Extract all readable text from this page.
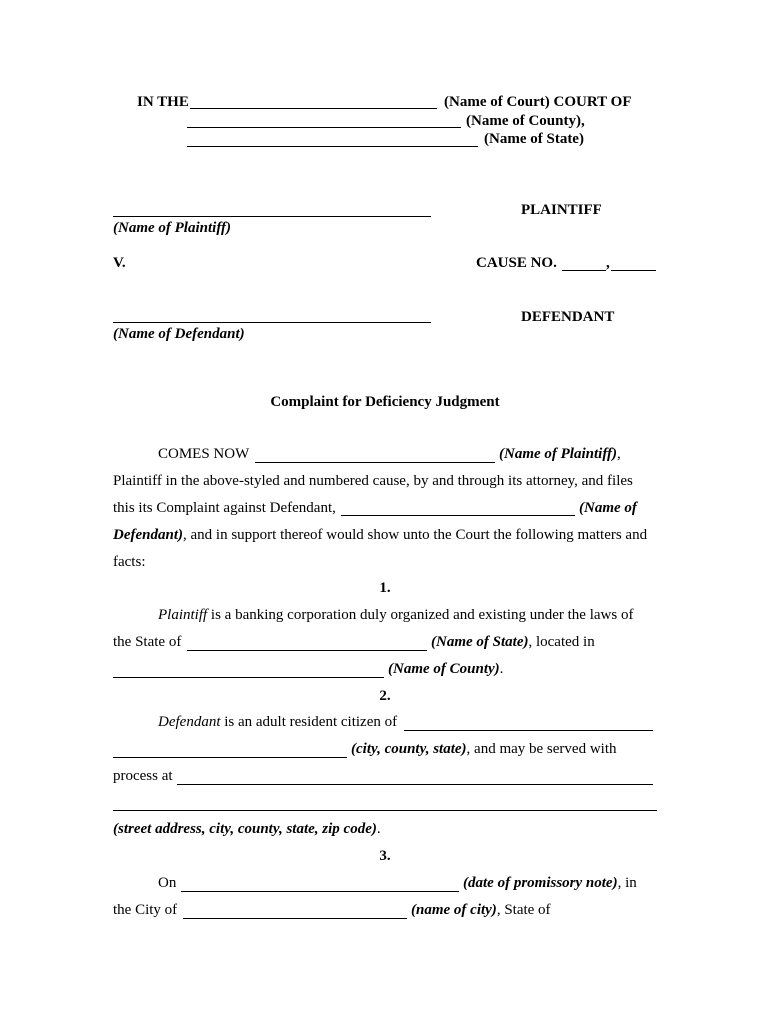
IN THE	(Name of Court) COURT OF
(Name of County),
(Name of State)
PLAINTIFF
(Name of Plaintiff)
V.	CAUSE NO.	,
DEFENDANT
(Name of Defendant)
Complaint for Deficiency Judgment
COMES NOW	(Name of Plaintiff),
Plaintiff in the above-styled and numbered cause, by and through its attorney, and files
this its Complaint against Defendant,	(Name of
Defendant), and in support thereof would show unto the Court the following matters and
facts:
1.
Plaintiff is a banking corporation duly organized and existing under the laws of
the State of	(Name of State), located in
(Name of County).
2.
Defendant is an adult resident citizen of
(city, county, state), and may be served with
process at
(street address, city, county, state, zip code).
3.
On	(date of promissory note), in
the City of	(name of city), State of
